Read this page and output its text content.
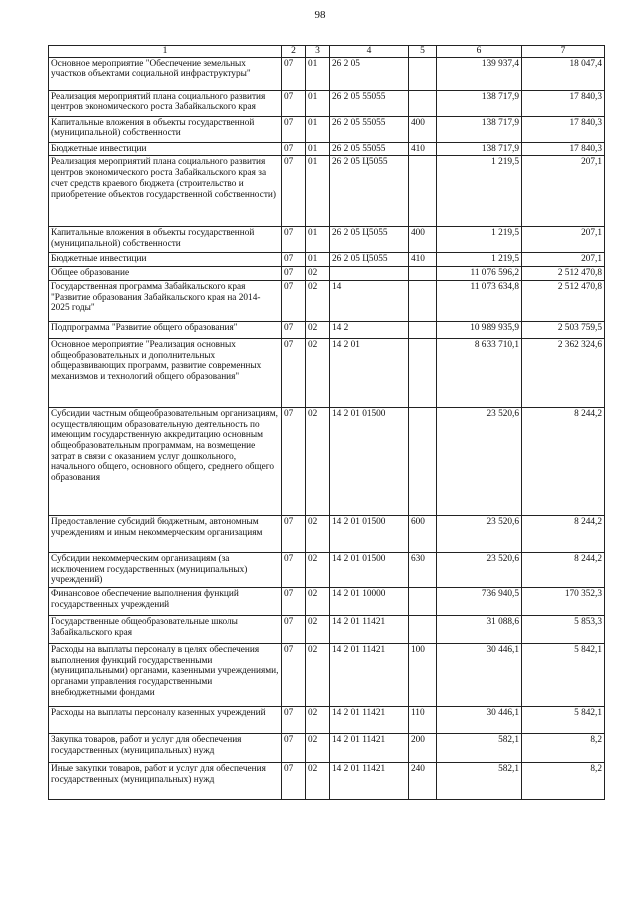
98
1	2	3	4	5	6	7
Основное мероприятие "Обеспечение земельных участков объектами социальной инфраструктуры"	07	01	26 2 05		139 937,4	18 047,4
Реализация мероприятий плана социального развития центров экономического роста Забайкальского края	07	01	26 2 05 55055		138 717,9	17 840,3
Капитальные вложения в объекты государственной (муниципальной) собственности	07	01	26 2 05 55055	400	138 717,9	17 840,3
Бюджетные инвестиции	07	01	26 2 05 55055	410	138 717,9	17 840,3
Реализация мероприятий плана социального развития центров экономического роста Забайкальского края за счет средств краевого бюджета (строительство и приобретение объектов государственной собственности)	07	01	26 2 05 Ц5055		1 219,5	207,1
Капитальные вложения в объекты государственной (муниципальной) собственности	07	01	26 2 05 Ц5055	400	1 219,5	207,1
Бюджетные инвестиции	07	01	26 2 05 Ц5055	410	1 219,5	207,1
Общее образование	07	02			11 076 596,2	2 512 470,8
Государственная программа Забайкальского края "Развитие образования Забайкальского края на 2014-2025 годы"	07	02	14		11 073 634,8	2 512 470,8
Подпрограмма "Развитие общего образования"	07	02	14 2		10 989 935,9	2 503 759,5
Основное мероприятие "Реализация основных общеобразовательных и дополнительных общеразвивающих программ, развитие современных механизмов и технологий общего образования"	07	02	14 2 01		8 633 710,1	2 362 324,6
Субсидии частным общеобразовательным организациям, осуществляющим образовательную деятельность по имеющим государственную аккредитацию основным общеобразовательным программам, на возмещение затрат в связи с оказанием услуг дошкольного, начального общего, основного общего, среднего общего образования	07	02	14 2 01 01500		23 520,6	8 244,2
Предоставление субсидий бюджетным, автономным учреждениям и иным некоммерческим организациям	07	02	14 2 01 01500	600	23 520,6	8 244,2
Субсидии некоммерческим организациям (за исключением государственных (муниципальных) учреждений)	07	02	14 2 01 01500	630	23 520,6	8 244,2
Финансовое обеспечение выполнения функций государственных учреждений	07	02	14 2 01 10000		736 940,5	170 352,3
Государственные общеобразовательные школы Забайкальского края	07	02	14 2 01 11421		31 088,6	5 853,3
Расходы на выплаты персоналу в целях обеспечения выполнения функций государственными (муниципальными) органами, казенными учреждениями, органами управления государственными внебюджетными фондами	07	02	14 2 01 11421	100	30 446,1	5 842,1
Расходы на выплаты персоналу казенных учреждений	07	02	14 2 01 11421	110	30 446,1	5 842,1
Закупка товаров, работ и услуг для обеспечения государственных (муниципальных) нужд	07	02	14 2 01 11421	200	582,1	8,2
Иные закупки товаров, работ и услуг для обеспечения государственных (муниципальных) нужд	07	02	14 2 01 11421	240	582,1	8,2
